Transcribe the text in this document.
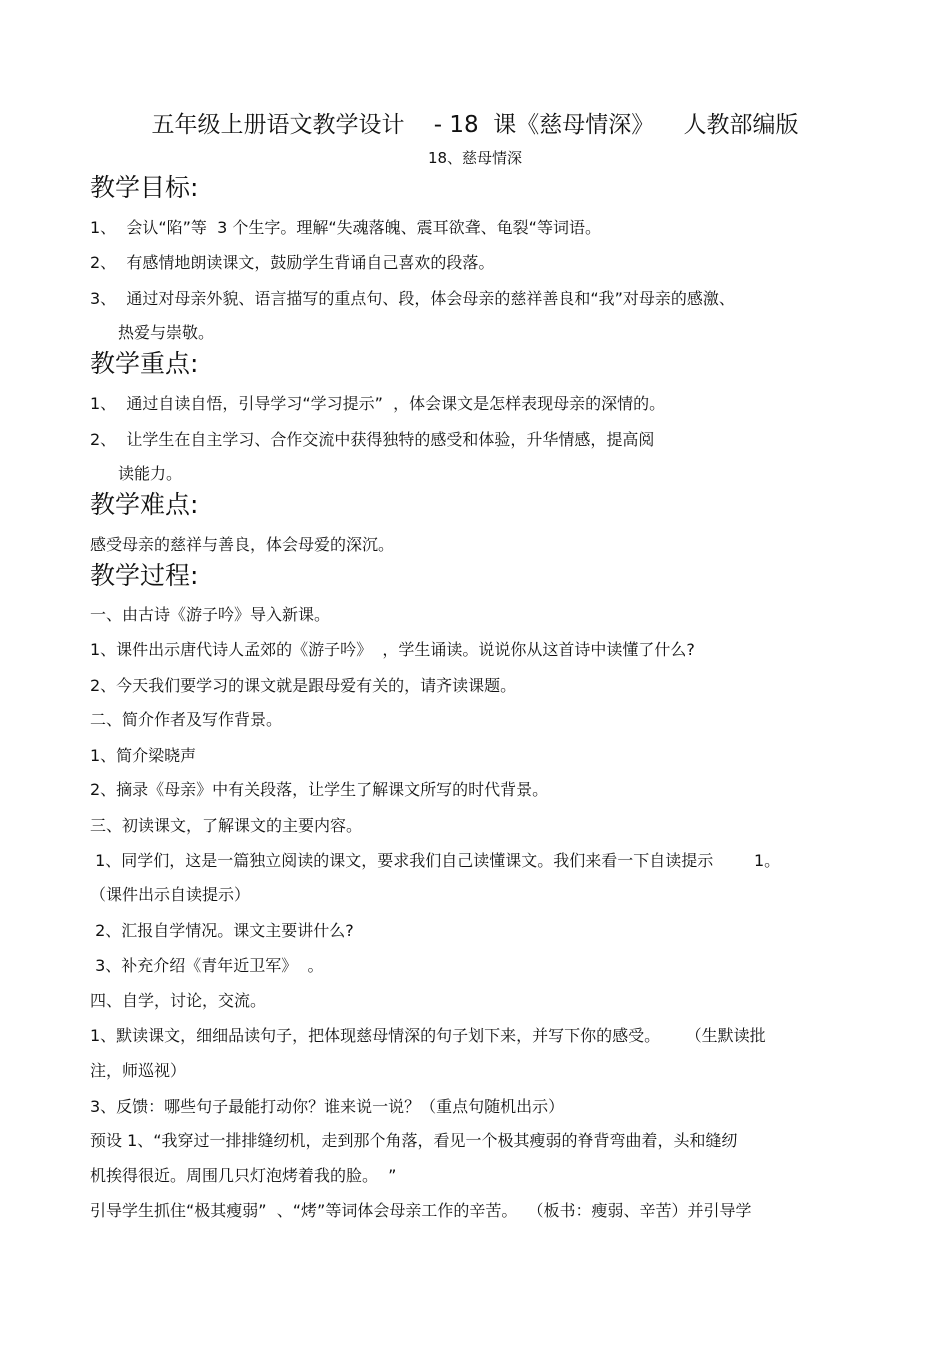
五年级上册语文教学设计    - 18  课《慈母情深》    人教部编版
18、慈母情深
教学目标:
1、  会认“陷”等  3 个生字。理解“失魂落魄、震耳欲聋、龟裂“等词语。
2、  有感情地朗读课文，鼓励学生背诵自己喜欢的段落。
3、  通过对母亲外貌、语言描写的重点句、段，体会母亲的慈祥善良和“我”对母亲的感激、
热爱与崇敬。
教学重点:
1、  通过自读自悟，引导学习“学习提示”  ，体会课文是怎样表现母亲的深情的。
2、  让学生在自主学习、合作交流中获得独特的感受和体验，升华情感，提高阅
读能力。
教学难点:
感受母亲的慈祥与善良，体会母爱的深沉。
教学过程:
一、由古诗《游子吟》导入新课。
1、课件出示唐代诗人孟郊的《游子吟》  ，学生诵读。说说你从这首诗中读懂了什么?
2、今天我们要学习的课文就是跟母爱有关的，请齐读课题。
二、简介作者及写作背景。
1、简介梁晓声
2、摘录《母亲》中有关段落，让学生了解课文所写的时代背景。
三、初读课文，了解课文的主要内容。
1、同学们，这是一篇独立阅读的课文，要求我们自己读懂课文。我们来看一下自读提示        1。
（课件出示自读提示）
2、汇报自学情况。课文主要讲什么?
3、补充介绍《青年近卫军》  。
四、自学，讨论，交流。
1、默读课文，细细品读句子，把体现慈母情深的句子划下来，并写下你的感受。     （生默读批
注，师巡视）
3、反馈：哪些句子最能打动你？谁来说一说？（重点句随机出示）
预设 1、“我穿过一排排缝纫机，走到那个角落，看见一个极其瘦弱的脊背弯曲着，头和缝纫
机挨得很近。周围几只灯泡烤着我的脸。  ”
引导学生抓住“极其瘦弱”  、“烤”等词体会母亲工作的辛苦。  （板书：瘦弱、辛苦）并引导学
